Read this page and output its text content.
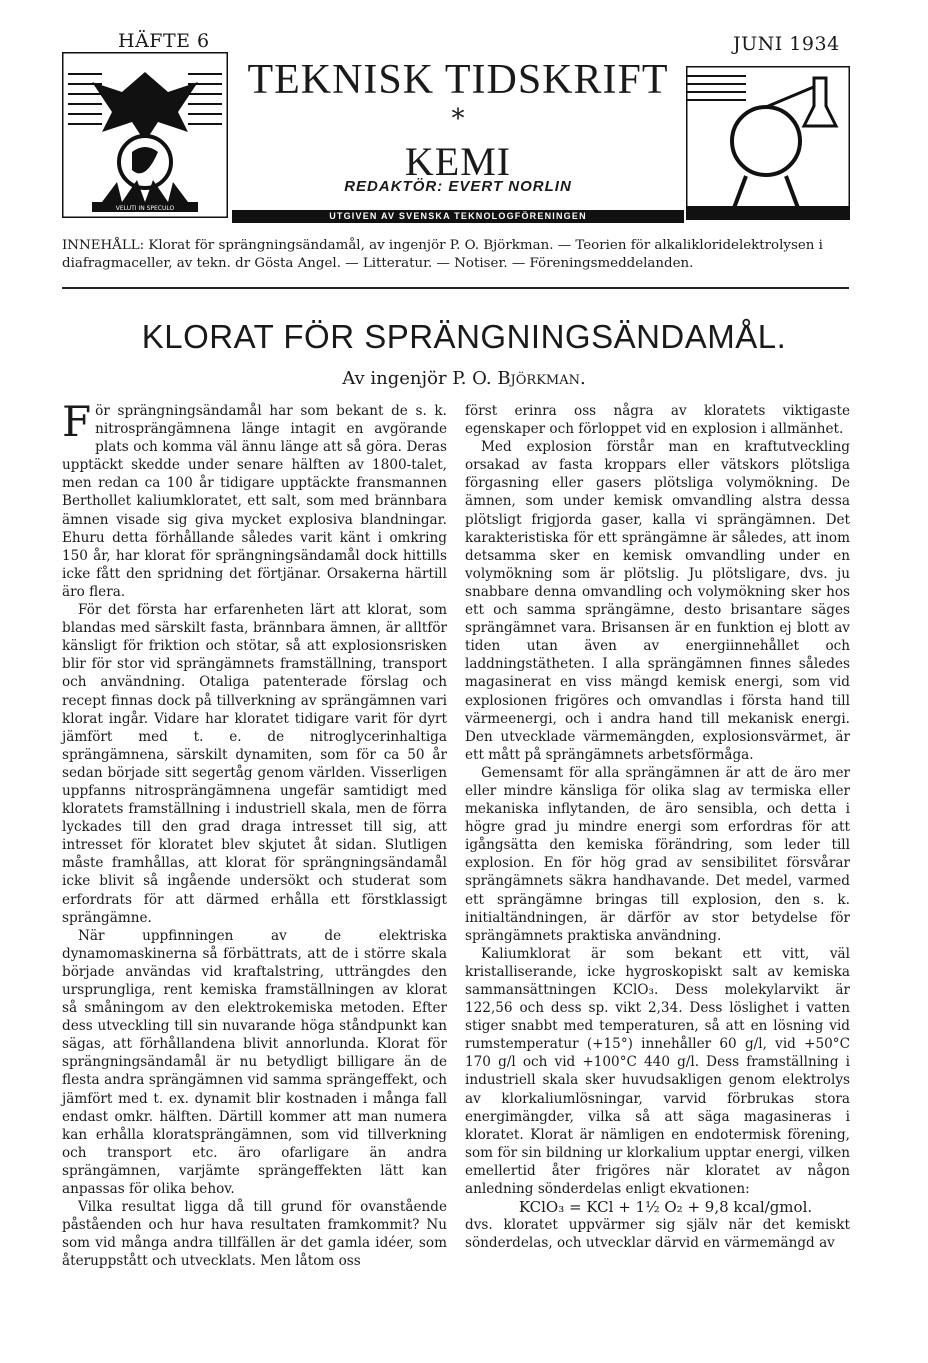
HÄFTE 6	JUNI 1934
VELUTI IN SPECULO
TEKNISK TIDSKRIFT
*
KEMI
REDAKTÖR: EVERT NORLIN
UTGIVEN AV SVENSKA TEKNOLOGFÖRENINGEN
INNEHÅLL: Klorat för sprängningsändamål, av ingenjör P. O. Björkman. — Teorien för alkalikloridelektrolysen i diafragmaceller, av tekn. dr Gösta Angel. — Litteratur. — Notiser. — Föreningsmeddelanden.
KLORAT FÖR SPRÄNGNINGSÄNDAMÅL.
Av ingenjör P. O. Björkman.

För sprängningsändamål har som bekant de s. k. nitrosprängämnena länge intagit en avgörande plats och komma väl ännu länge att så göra. Deras upptäckt skedde under senare hälften av 1800-talet, men redan ca 100 år tidigare upptäckte fransmannen Berthollet kaliumkloratet, ett salt, som med brännbara ämnen visade sig giva mycket explosiva blandningar. Ehuru detta förhållande således varit känt i omkring 150 år, har klorat för sprängningsändamål dock hittills icke fått den spridning det förtjänar. Orsakerna härtill äro flera.

För det första har erfarenheten lärt att klorat, som blandas med särskilt fasta, brännbara ämnen, är alltför känsligt för friktion och stötar, så att explosionsrisken blir för stor vid sprängämnets framställning, transport och användning. Otaliga patenterade förslag och recept finnas dock på tillverkning av sprängämnen vari klorat ingår. Vidare har kloratet tidigare varit för dyrt jämfört med t. e. de nitroglycerinhaltiga sprängämnena, särskilt dynamiten, som för ca 50 år sedan började sitt segertåg genom världen. Visserligen uppfanns nitrosprängämnena ungefär samtidigt med kloratets framställning i industriell skala, men de förra lyckades till den grad draga intresset till sig, att intresset för kloratet blev skjutet åt sidan. Slutligen måste framhållas, att klorat för sprängningsändamål icke blivit så ingående undersökt och studerat som erfordrats för att därmed erhålla ett förstklassigt sprängämne.

När uppfinningen av de elektriska dynamomaskinerna så förbättrats, att de i större skala började användas vid kraftalstring, utträngdes den ursprungliga, rent kemiska framställningen av klorat så småningom av den elektrokemiska metoden. Efter dess utveckling till sin nuvarande höga ståndpunkt kan sägas, att förhållandena blivit annorlunda. Klorat för sprängningsändamål är nu betydligt billigare än de flesta andra sprängämnen vid samma sprängeffekt, och jämfört med t. ex. dynamit blir kostnaden i många fall endast omkr. hälften. Därtill kommer att man numera kan erhålla kloratsprängämnen, som vid tillverkning och transport etc. äro ofarligare än andra sprängämnen, varjämte sprängeffekten lätt kan anpassas för olika behov.

Vilka resultat ligga då till grund för ovanstående påståenden och hur hava resultaten framkommit? Nu som vid många andra tillfällen är det gamla idéer, som återuppstått och utvecklats. Men låtom oss

först erinra oss några av kloratets viktigaste egenskaper och förloppet vid en explosion i allmänhet.

Med explosion förstår man en kraftutveckling orsakad av fasta kroppars eller vätskors plötsliga förgasning eller gasers plötsliga volymökning. De ämnen, som under kemisk omvandling alstra dessa plötsligt frigjorda gaser, kalla vi sprängämnen. Det karakteristiska för ett sprängämne är således, att inom detsamma sker en kemisk omvandling under en volymökning som är plötslig. Ju plötsligare, dvs. ju snabbare denna omvandling och volymökning sker hos ett och samma sprängämne, desto brisantare säges sprängämnet vara. Brisansen är en funktion ej blott av tiden utan även av energiinnehållet och laddningstätheten. I alla sprängämnen finnes således magasinerat en viss mängd kemisk energi, som vid explosionen frigöres och omvandlas i första hand till värmeenergi, och i andra hand till mekanisk energi. Den utvecklade värmemängden, explosionsvärmet, är ett mått på sprängämnets arbetsförmåga.

Gemensamt för alla sprängämnen är att de äro mer eller mindre känsliga för olika slag av termiska eller mekaniska inflytanden, de äro sensibla, och detta i högre grad ju mindre energi som erfordras för att igångsätta den kemiska förändring, som leder till explosion. En för hög grad av sensibilitet försvårar sprängämnets säkra handhavande. Det medel, varmed ett sprängämne bringas till explosion, den s. k. initialtändningen, är därför av stor betydelse för sprängämnets praktiska användning.

Kaliumklorat är som bekant ett vitt, väl kristalliserande, icke hygroskopiskt salt av kemiska sammansättningen KClO₃. Dess molekylarvikt är 122,56 och dess sp. vikt 2,34. Dess löslighet i vatten stiger snabbt med temperaturen, så att en lösning vid rumstemperatur (+15°) innehåller 60 g/l, vid +50°C 170 g/l och vid +100°C 440 g/l. Dess framställning i industriell skala sker huvudsakligen genom elektrolys av klorkaliumlösningar, varvid förbrukas stora energimängder, vilka så att säga magasineras i kloratet. Klorat är nämligen en endotermisk förening, som för sin bildning ur klorkalium upptar energi, vilken emellertid åter frigöres när kloratet av någon anledning sönderdelas enligt ekvationen:

KClO₃ = KCl + 1½ O₂ + 9,8 kcal/gmol.

dvs. kloratet uppvärmer sig själv när det kemiskt sönderdelas, och utvecklar därvid en värmemängd av
